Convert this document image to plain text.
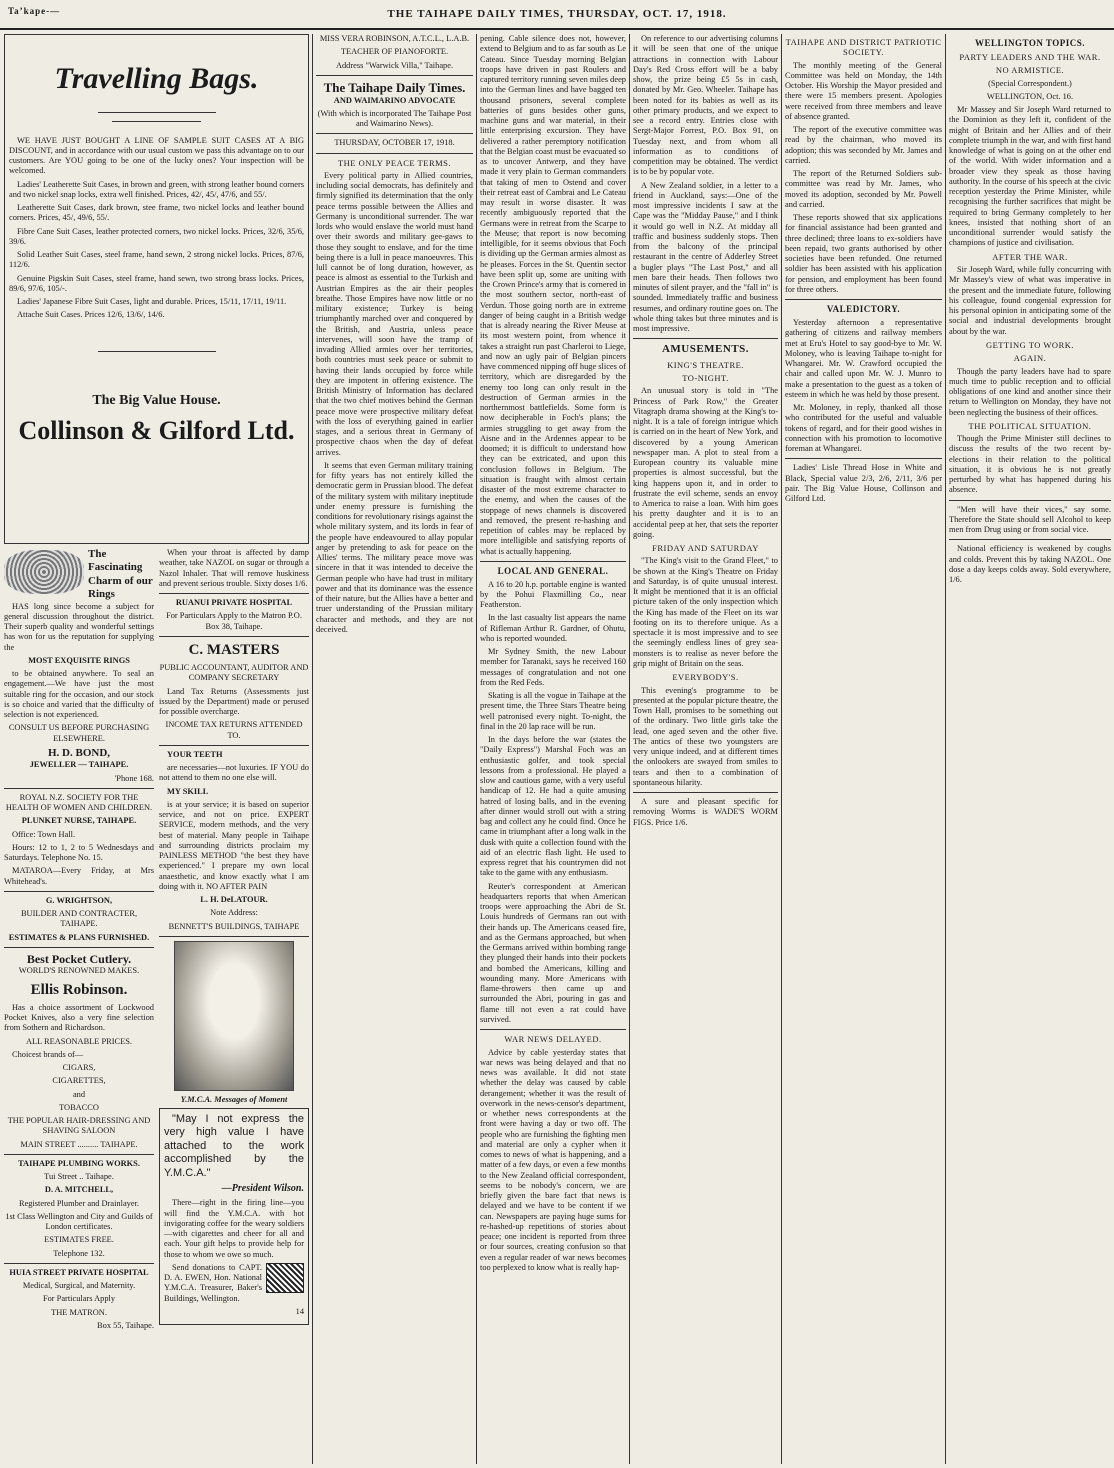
Ta’kape-—	THE TAIHAPE DAILY TIMES, THURSDAY, OCT. 17, 1918.
Travelling Bags.

WE HAVE JUST BOUGHT A LINE OF SAMPLE SUIT CASES AT A BIG DISCOUNT, and in accordance with our usual custom we pass this advantage on to our customers. Are YOU going to be one of the lucky ones? Your inspection will be welcomed.

Ladies' Leatherette Suit Cases, in brown and green, with strong leather bound corners and two nickel snap locks, extra well finished. Prices, 42/, 45/, 47/6, and 55/.

Leatherette Suit Cases, dark brown, stee frame, two nickel locks and leather bound corners. Prices, 45/, 49/6, 55/.

Fibre Cane Suit Cases, leather protected corners, two nickel locks. Prices, 32/6, 35/6, 39/6.

Solid Leather Suit Cases, steel frame, hand sewn, 2 strong nickel locks. Prices, 87/6, 112/6.

Genuine Pigskin Suit Cases, steel frame, hand sewn, two strong brass locks. Prices, 89/6, 97/6, 105/-.

Ladies' Japanese Fibre Suit Cases, light and durable. Prices, 15/11, 17/11, 19/11.

Attache Suit Cases. Prices 12/6, 13/6/, 14/6.

The Big Value House.
Collinson & Gilford Ltd.
The Fascinating Charm of our Rings

HAS long since become a subject for general discussion throughout the district. Their superb quality and wonderful settings has won for us the reputation for supplying the

MOST EXQUISITE RINGS

to be obtained anywhere. To seal an engagement.—We have just the most suitable ring for the occasion, and our stock is so choice and varied that the difficulty of selection is not experienced.

CONSULT US BEFORE PURCHASING ELSEWHERE.

H. D. BOND,

JEWELLER — TAIHAPE.

'Phone 168.

ROYAL N.Z. SOCIETY FOR THE HEALTH OF WOMEN AND CHILDREN.

PLUNKET NURSE, TAIHAPE.

Office: Town Hall.

Hours: 12 to 1, 2 to 5 Wednesdays and Saturdays. Telephone No. 15.

MATAROA—Every Friday, at Mrs Whitehead's.

G. WRIGHTSON,

BUILDER AND CONTRACTER, TAIHAPE.

ESTIMATES & PLANS FURNISHED.

Best Pocket Cutlery.

WORLD'S RENOWNED MAKES.

Ellis Robinson.

Has a choice assortment of Lockwood Pocket Knives, also a very fine selection from Sothern and Richardson.

ALL REASONABLE PRICES.

Choicest brands of—

CIGARS,

CIGARETTES,

and

TOBACCO

THE POPULAR HAIR-DRESSING AND SHAVING SALOON

MAIN STREET .......... TAIHAPE.

TAIHAPE PLUMBING WORKS.

Tui Street .. Taihape.

D. A. MITCHELL,

Registered Plumber and Drainlayer.

1st Class Wellington and City and Guilds of London certificates.

ESTIMATES FREE.

Telephone 132.

HUIA STREET PRIVATE HOSPITAL

Medical, Surgical, and Maternity.

For Particulars Apply

THE MATRON.

Box 55, Taihape.

When your throat is affected by damp weather, take NAZOL on sugar or through a Nazol Inhaler. That will remove huskiness and prevent serious trouble. Sixty doses 1/6.

RUANUI PRIVATE HOSPITAL

For Particulars Apply to the Matron P.O. Box 38, Taihape.

C. MASTERS

PUBLIC ACCOUNTANT, AUDITOR AND COMPANY SECRETARY

Land Tax Returns (Assessments just issued by the Department) made or perused for possible overcharge.

INCOME TAX RETURNS ATTENDED TO.

YOUR TEETH

are necessaries—not luxuries. IF YOU do not attend to them no one else will.

MY SKILL

is at your service; it is based on superior service, and not on price. EXPERT SERVICE, modern methods, and the very best of material. Many people in Taihape and surrounding districts proclaim my PAINLESS METHOD "the best they have experienced." I prepare my own local anaesthetic, and know exactly what I am doing with it. NO AFTER PAIN

L. H. DeLATOUR.

Note Address:

BENNETT'S BUILDINGS, TAIHAPE

Y.M.C.A. Messages of Moment

"May I not express the very high value I have attached to the work accomplished by the Y.M.C.A."

—President Wilson.

There—right in the firing line—you will find the Y.M.C.A. with hot invigorating coffee for the weary soldiers—with cigarettes and cheer for all and each. Your gift helps to provide help for those to whom we owe so much.

Send donations to CAPT. D. A. EWEN, Hon. National Y.M.C.A. Treasurer, Baker's Buildings, Wellington.

14

MISS VERA ROBINSON, A.T.C.L., L.A.B.

TEACHER OF PIANOFORTE.

Address "Warwick Villa," Taihape.

The Taihape Daily Times.

AND WAIMARINO ADVOCATE

(With which is incorporated The Taihape Post and Waimarino News).

THURSDAY, OCTOBER 17, 1918.

THE ONLY PEACE TERMS.

Every political party in Allied countries, including social democrats, has definitely and firmly signified its determination that the only peace terms possible between the Allies and Germany is unconditional surrender. The war lords who would enslave the world must hand over their swords and military gee-gaws to those they sought to enslave, and for the time being there is a lull in peace manoeuvres. This lull cannot be of long duration, however, as peace is almost as essential to the Turkish and Austrian Empires as the air their peoples breathe. Those Empires have now little or no military existence; Turkey is being triumphantly marched over and conquered by the British, and Austria, unless peace intervenes, will soon have the tramp of invading Allied armies over her territories, both countries must seek peace or submit to having their lands occupied by force while they are impotent in offering existence. The British Ministry of Information has declared that the two chief motives behind the German peace move were prospective military defeat with the loss of everything gained in earlier stages, and a serious threat in Germany of prospective chaos when the day of defeat arrives.

It seems that even German military training for fifty years has not entirely killed the democratic germ in Prussian blood. The defeat of the military system with military ineptitude under enemy pressure is furnishing the conditions for revolutionary risings against the whole military system, and its lords in fear of the people have endeavoured to allay popular anger by pretending to ask for peace on the Allies' terms. The military peace move was sincere in that it was intended to deceive the German people who have had trust in military power and that its dominance was the essence of their nature, but the Allies have a better and truer understanding of the Prussian military character and methods, and they are not deceived.

pening. Cable silence does not, however, extend to Belgium and to as far south as Le Cateau. Since Tuesday morning Belgian troops have driven in past Roulers and captured territory running seven miles deep into the German lines and have bagged ten thousand prisoners, several complete batteries of guns besides other guns, machine guns and war material, in their little enterprising excursion. They have delivered a rather peremptory notification that the Belgian coast must be evacuated so as to uncover Antwerp, and they have made it very plain to German commanders that taking of men to Ostend and cover their retreat east of Cambrai and Le Cateau may result in worse disaster. It was recently ambiguously reported that the Germans were in retreat from the Scarpe to the Meuse; that report is now becoming intelligible, for it seems obvious that Foch is dividing up the German armies almost as he pleases. Forces in the St. Quentin sector have been split up, some are uniting with the Crown Prince's army that is cornered in the most southern sector, north-east of Verdun. Those going north are in extreme danger of being caught in a British wedge that is already nearing the River Meuse at its most western point, from whence it takes a straight run past Charleroi to Liege, and now an ugly pair of Belgian pincers have commenced nipping off huge slices of territory, which are disregarded by the enemy too long can only result in the destruction of German armies in the northernmost battlefields. Some form is now decipherable in Foch's plans; the armies struggling to get away from the Aisne and in the Ardennes appear to be doomed; it is difficult to understand how they can be extricated, and upon this conclusion follows in Belgium. The situation is fraught with almost certain disaster of the most extreme character to the enemy, and when the causes of the stoppage of news channels is discovered and removed, the present re-hashing and repetition of cables may be replaced by more intelligible and satisfying reports of what is actually happening.

LOCAL AND GENERAL.

A 16 to 20 h.p. portable engine is wanted by the Pohui Flaxmilling Co., near Featherston.

In the last casualty list appears the name of Rifleman Arthur R. Gardner, of Ohutu, who is reported wounded.

Mr Sydney Smith, the new Labour member for Taranaki, says he received 160 messages of congratulation and not one from the Red Feds.

Skating is all the vogue in Taihape at the present time, the Three Stars Theatre being well patronised every night. To-night, the final in the 20 lap race will be run.

In the days before the war (states the "Daily Express") Marshal Foch was an enthusiastic golfer, and took special lessons from a professional. He played a slow and cautious game, with a very useful handicap of 12. He had a quite amusing hatred of losing balls, and in the evening after dinner would stroll out with a string bag and collect any he could find. Once he came in triumphant after a long walk in the dusk with quite a collection found with the aid of an electric flash light. He used to express regret that his countrymen did not take to the game with any enthusiasm.

Reuter's correspondent at American headquarters reports that when American troops were approaching the Abri de St. Louis hundreds of Germans ran out with their hands up. The Americans ceased fire, and as the Germans approached, but when the Germans arrived within bombing range they plunged their hands into their pockets and bombed the Americans, killing and wounding many. More Americans with flame-throwers then came up and surrounded the Abri, pouring in gas and flame till not even a rat could have survived.

WAR NEWS DELAYED.

Advice by cable yesterday states that war news was being delayed and that no news was available. It did not state whether the delay was caused by cable derangement; whether it was the result of overwork in the news-censor's department, or whether news correspondents at the front were having a day or two off. The people who are furnishing the fighting men and material are only a cypher when it comes to news of what is happening, and a matter of a few days, or even a few months to the New Zealand official correspondent, seems to be nobody's concern, we are briefly given the bare fact that news is delayed and we have to be content if we can. Newspapers are paying huge sums for re-hashed-up repetitions of stories about peace; one incident is reported from three or four sources, creating confusion so that even a regular reader of war news becomes too perplexed to know what is really hap-

On reference to our advertising columns it will be seen that one of the unique attractions in connection with Labour Day's Red Cross effort will be a baby show, the prize being £5 5s in cash, donated by Mr. Geo. Wheeler. Taihape has been noted for its babies as well as its other primary products, and we expect to see a record entry. Entries close with Sergt-Major Forrest, P.O. Box 91, on Tuesday next, and from whom all information as to conditions of competition may be obtained. The verdict is to be by popular vote.

A New Zealand soldier, in a letter to a friend in Auckland, says:—One of the most impressive incidents I saw at the Cape was the "Midday Pause," and I think it would go well in N.Z. At midday all traffic and business suddenly stops. Then from the balcony of the principal restaurant in the centre of Adderley Street a bugler plays "The Last Post," and all men bare their heads. Then follows two minutes of silent prayer, and the "fall in" is sounded. Immediately traffic and business resumes, and ordinary routine goes on. The whole thing takes but three minutes and is most impressive.

AMUSEMENTS.
KING'S THEATRE.
TO-NIGHT.

An unusual story is told in "The Princess of Park Row," the Greater Vitagraph drama showing at the King's to-night. It is a tale of foreign intrigue which is carried on in the heart of New York, and discovered by a young American newspaper man. A plot to steal from a European country its valuable mine properties is almost successful, but the king happens upon it, and in order to frustrate the evil scheme, sends an envoy to America to raise a loan. With him goes his pretty daughter and it is to an accidental peep at her, that sets the reporter going.

FRIDAY AND SATURDAY

"The King's visit to the Grand Fleet," to be shown at the King's Theatre on Friday and Saturday, is of quite unusual interest. It might be mentioned that it is an official picture taken of the only inspection which the King has made of the Fleet on its war footing on its to therefore unique. As a spectacle it is most impressive and to see the seemingly endless lines of grey sea-monsters is to realise as never before the grip might of Britain on the seas.

EVERYBODY'S.

This evening's programme to be presented at the popular picture theatre, the Town Hall, promises to be something out of the ordinary. Two little girls take the lead, one aged seven and the other five. The antics of these two youngsters are very unique indeed, and at different times the onlookers are swayed from smiles to tears and then to a combination of spontaneous hilarity.

A sure and pleasant specific for removing Worms is WADE'S WORM FIGS. Price 1/6.

TAIHAPE AND DISTRICT PATRIOTIC SOCIETY.

The monthly meeting of the General Committee was held on Monday, the 14th October. His Worship the Mayor presided and there were 15 members present. Apologies were received from three members and leave of absence granted.

The report of the executive committee was read by the chairman, who moved its adoption; this was seconded by Mr. James and carried.

The report of the Returned Soldiers sub-committee was read by Mr. James, who moved its adoption, seconded by Mr. Powell and carried.

These reports showed that six applications for financial assistance had been granted and three declined; three loans to ex-soldiers have been repaid, two grants authorised by other societies have been refunded. One returned soldier has been assisted with his application for pension, and employment has been found for three others.

VALEDICTORY.

Yesterday afternoon a representative gathering of citizens and railway members met at Eru's Hotel to say good-bye to Mr. W. Moloney, who is leaving Taihape to-night for Whangarei. Mr. W. Crawford occupied the chair and called upon Mr. W. J. Munro to make a presentation to the guest as a token of esteem in which he was held by those present.

Mr. Moloney, in reply, thanked all those who contributed for the useful and valuable tokens of regard, and for their good wishes in connection with his promotion to locomotive foreman at Whangarei.

Ladies' Lisle Thread Hose in White and Black, Special value 2/3, 2/6, 2/11, 3/6 per pair. The Big Value House, Collinson and Gilford Ltd.

WELLINGTON TOPICS.
PARTY LEADERS AND THE WAR.
NO ARMISTICE.

(Special Correspondent.)

WELLINGTON, Oct. 16.

Mr Massey and Sir Joseph Ward returned to the Dominion as they left it, confident of the might of Britain and her Allies and of their complete triumph in the war, and with first hand knowledge of what is going on at the other end of the world. With wider information and a broader view they speak as those having authority. In the course of his speech at the civic reception yesterday the Prime Minister, while recognising the further sacrifices that might be required to bring Germany completely to her knees, insisted that nothing short of an unconditional surrender would satisfy the champions of justice and civilisation.

AFTER THE WAR.

Sir Joseph Ward, while fully concurring with Mr Massey's view of what was imperative in the present and the immediate future, following his colleague, found congenial expression for his personal opinion in anticipating some of the social and industrial developments brought about by the war.

GETTING TO WORK.
AGAIN.

Though the party leaders have had to spare much time to public reception and to official obligations of one kind and another since their return to Wellington on Monday, they have not been neglecting the business of their offices.

THE POLITICAL SITUATION.

Though the Prime Minister still declines to discuss the results of the two recent by-elections in their relation to the political situation, it is obvious he is not greatly perturbed by what has happened during his absence.

"Men will have their vices," say some. Therefore the State should sell Alcohol to keep men from Drug using or from social vice.

National efficiency is weakened by coughs and colds. Prevent this by taking NAZOL. One dose a day keeps colds away. Sold everywhere, 1/6.
